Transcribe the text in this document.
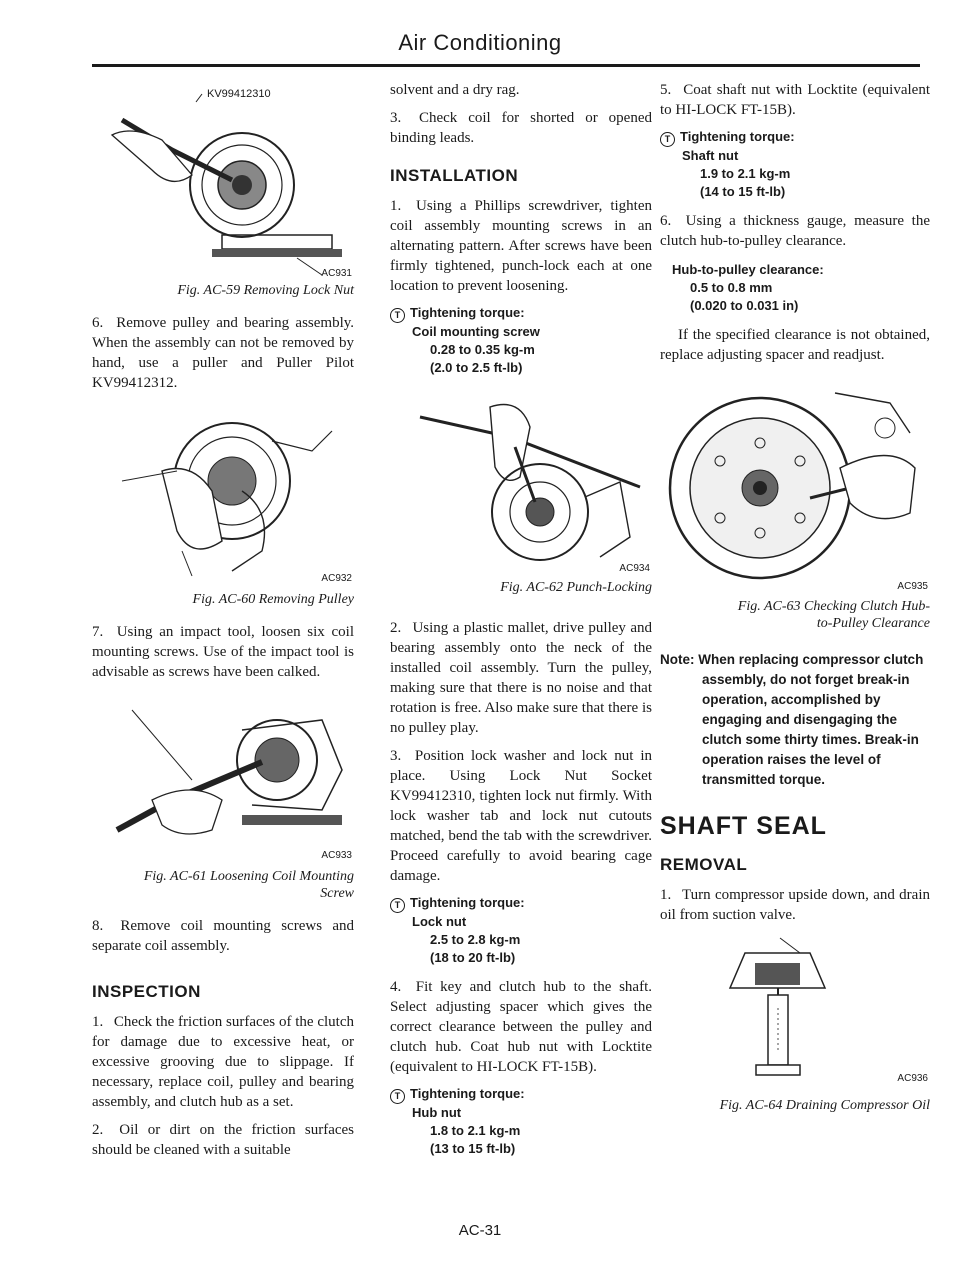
Air Conditioning
KV99412310
AC931

Fig. AC-59 Removing Lock Nut

6. Remove pulley and bearing assembly. When the assembly can not be removed by hand, use a puller and Puller Pilot KV99412312.

AC932

Fig. AC-60 Removing Pulley

7. Using an impact tool, loosen six coil mounting screws. Use of the impact tool is advisable as screws have been calked.

AC933

Fig. AC-61 Loosening Coil Mounting
Screw

8. Remove coil mounting screws and separate coil assembly.

INSPECTION

1. Check the friction surfaces of the clutch for damage due to excessive heat, or excessive grooving due to slippage. If necessary, replace coil, pulley and bearing assembly, and clutch hub as a set.

2. Oil or dirt on the friction surfaces should be cleaned with a suitable

solvent and a dry rag.

3. Check coil for shorted or opened binding leads.

INSTALLATION

1. Using a Phillips screwdriver, tighten coil assembly mounting screws in an alternating pattern. After screws have been firmly tightened, punch-lock each at one location to prevent loosening.

T Tightening torque:
Coil mounting screw
0.28 to 0.35 kg-m
(2.0 to 2.5 ft-lb)
AC934

Fig. AC-62 Punch-Locking

2. Using a plastic mallet, drive pulley and bearing assembly onto the neck of the installed coil assembly. Turn the pulley, making sure that there is no noise and that rotation is free. Also make sure that there is no pulley play.

3. Position lock washer and lock nut in place. Using Lock Nut Socket KV99412310, tighten lock nut firmly. With lock washer tab and lock nut cutouts matched, bend the tab with the screwdriver. Proceed carefully to avoid bearing cage damage.

T Tightening torque:
Lock nut
2.5 to 2.8 kg-m
(18 to 20 ft-lb)

4. Fit key and clutch hub to the shaft. Select adjusting spacer which gives the correct clearance between the pulley and clutch hub. Coat hub nut with Locktite (equivalent to HI-LOCK FT-15B).

T Tightening torque:
Hub nut
1.8 to 2.1 kg-m
(13 to 15 ft-lb)

5. Coat shaft nut with Locktite (equivalent to HI-LOCK FT-15B).

T Tightening torque:
Shaft nut
1.9 to 2.1 kg-m
(14 to 15 ft-lb)

6. Using a thickness gauge, measure the clutch hub-to-pulley clearance.

Hub-to-pulley clearance:
0.5 to 0.8 mm
(0.020 to 0.031 in)

If the specified clearance is not obtained, replace adjusting spacer and readjust.

AC935

Fig. AC-63 Checking Clutch Hub-
to-Pulley Clearance

Note: When replacing compressor clutch assembly, do not forget break-in operation, accomplished by engaging and disengaging the clutch some thirty times. Break-in operation raises the level of transmitted torque.
SHAFT SEAL
REMOVAL

1. Turn compressor upside down, and drain oil from suction valve.

AC936

Fig. AC-64 Draining Compressor Oil

AC-31
